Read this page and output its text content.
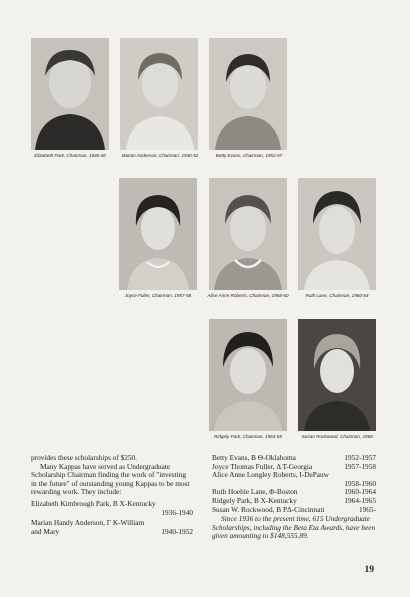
Elizabeth Park, Chairman, 1936-40	Marian Anderson, Chairman, 1940-52	Betty Evans, Chairman, 1952-57
Joyce Fuller, Chairman, 1957-58	Alice Anne Roberts, Chairman, 1958-60	Ruth Lane, Chairman, 1960-64
Ridgely Park, Chairman, 1964-65	Susan Rockwood, Chairman, 1965-
provides these scholarships of $250.
Many Kappas have served as Undergraduate Scholarship Chairman finding the work of "investing in the future" of outstanding young Kappas to be most rewarding work. They include:
Elizabeth Kimbrough Park, B X-Kentucky
1936-1940
Marian Handy Anderson, Γ K-William and Mary	1940-1952
Betty Evans, B Θ-Oklahoma	1952-1957
Joyce Thomas Fuller, Δ T-Georgia	1957-1958
Alice Anne Longley Roberts, I-DePauw
1958-1960
Ruth Hoehle Lane, Φ-Boston	1960-1964
Ridgely Park, B X-Kentucky	1964-1965
Susan W. Rockwood, B PΔ-Cincinnati	1965-
Since 1936 to the present time, 615 Undergraduate Scholarships, including the Beta Eta Awards, have been given amounting to $148,555.89.
19
